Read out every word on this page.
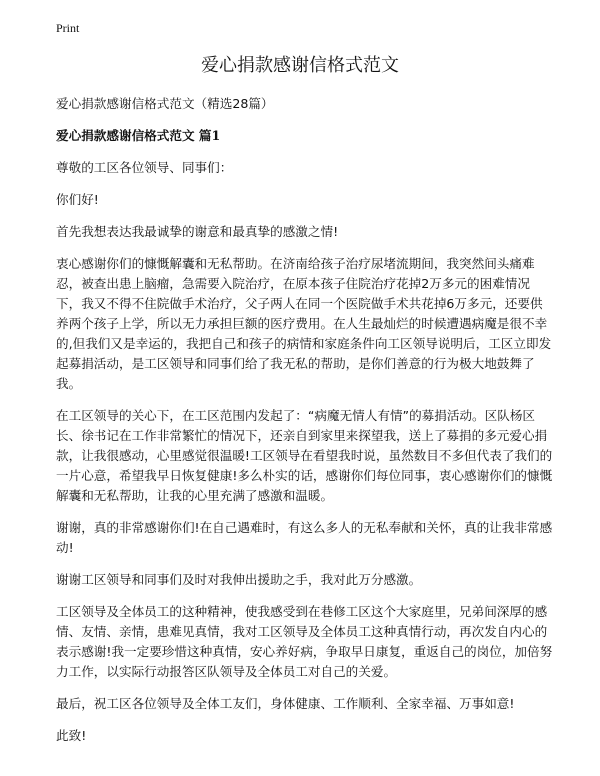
Print
爱心捐款感谢信格式范文

爱心捐款感谢信格式范文（精选28篇）

爱心捐款感谢信格式范文 篇1

尊敬的工区各位领导、同事们：

你们好!

首先我想表达我最诚挚的谢意和最真挚的感激之情!

衷心感谢你们的慷慨解囊和无私帮助。在济南给孩子治疗尿堵流期间，我突然间头痛难忍，被查出患上脑瘤，急需要入院治疗，在原本孩子住院治疗花掉2万多元的困难情况下，我又不得不住院做手术治疗，父子两人在同一个医院做手术共花掉6万多元，还要供养两个孩子上学，所以无力承担巨额的医疗费用。在人生最灿烂的时候遭遇病魔是很不幸的,但我们又是幸运的，我把自己和孩子的病情和家庭条件向工区领导说明后，工区立即发起募捐活动，是工区领导和同事们给了我无私的帮助，是你们善意的行为极大地鼓舞了我。

在工区领导的关心下，在工区范围内发起了：“病魔无情人有情”的募捐活动。区队杨区长、徐书记在工作非常繁忙的情况下，还亲自到家里来探望我，送上了募捐的多元爱心捐款，让我很感动，心里感觉很温暖!工区领导在看望我时说，虽然数目不多但代表了我们的一片心意，希望我早日恢复健康!多么朴实的话，感谢你们每位同事，衷心感谢你们的慷慨解囊和无私帮助，让我的心里充满了感激和温暖。

谢谢，真的非常感谢你们!在自己遇难时，有这么多人的无私奉献和关怀，真的让我非常感动!

谢谢工区领导和同事们及时对我伸出援助之手，我对此万分感激。

工区领导及全体员工的这种精神，使我感受到在巷修工区这个大家庭里，兄弟间深厚的感情、友情、亲情，患难见真情，我对工区领导及全体员工这种真情行动，再次发自内心的表示感谢!我一定要珍惜这种真情，安心养好病，争取早日康复，重返自己的岗位，加倍努力工作，以实际行动报答区队领导及全体员工对自己的关爱。

最后，祝工区各位领导及全体工友们，身体健康、工作顺利、全家幸福、万事如意!

此致!
